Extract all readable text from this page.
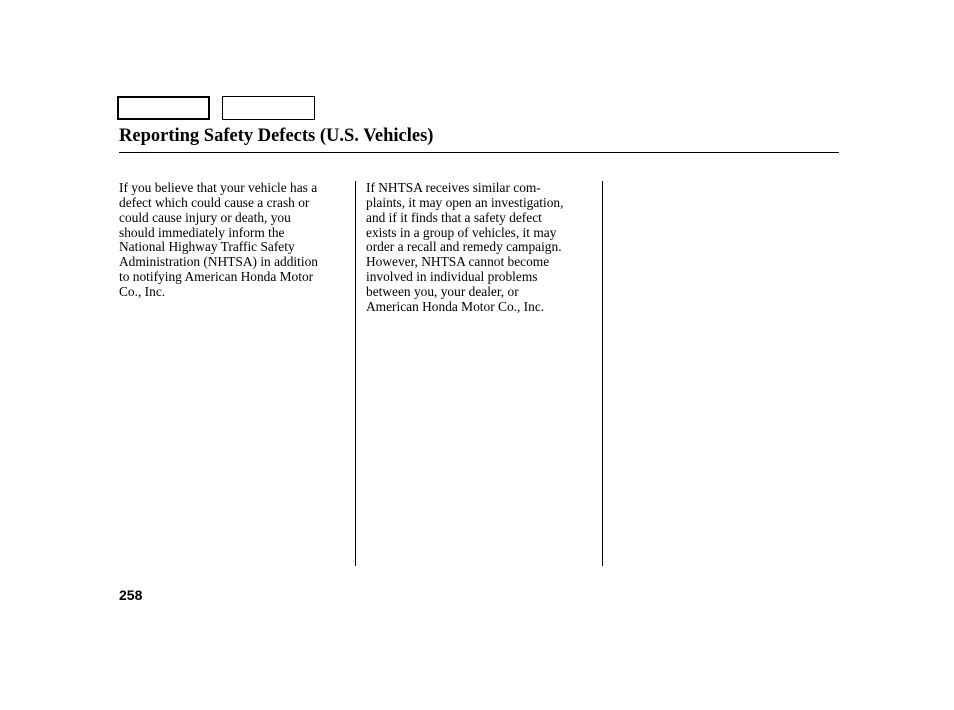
Reporting Safety Defects (U.S. Vehicles)

If you believe that your vehicle has a
defect which could cause a crash or
could cause injury or death, you
should immediately inform the
National Highway Traffic Safety
Administration (NHTSA) in addition
to notifying American Honda Motor
Co., Inc.

If NHTSA receives similar com-
plaints, it may open an investigation,
and if it finds that a safety defect
exists in a group of vehicles, it may
order a recall and remedy campaign.
However, NHTSA cannot become
involved in individual problems
between you, your dealer, or
American Honda Motor Co., Inc.

258
